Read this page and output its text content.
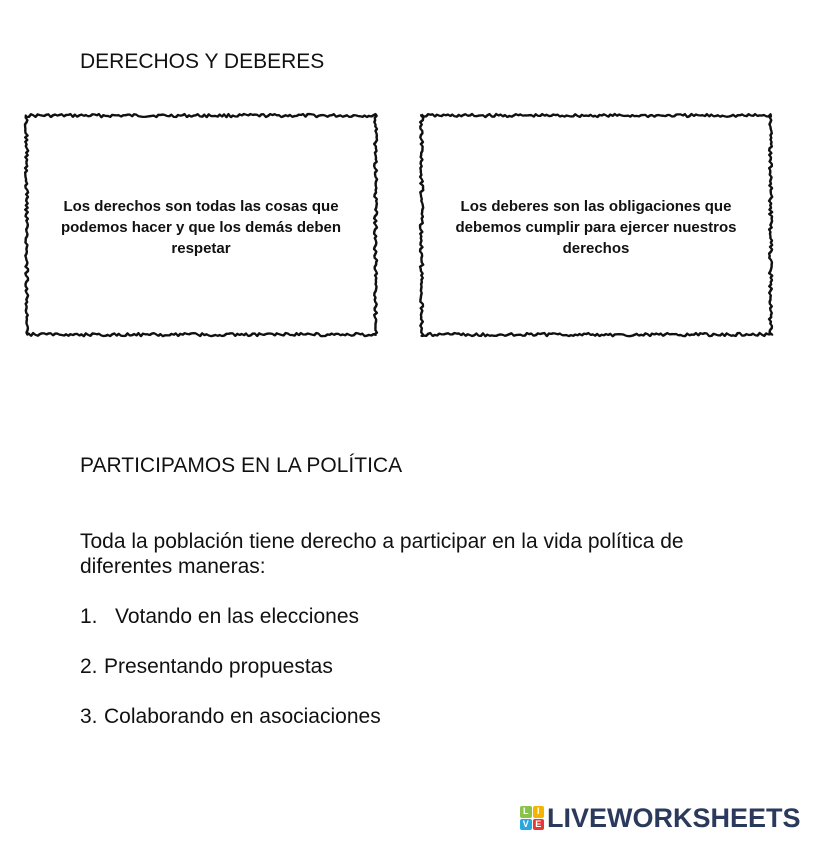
DERECHOS Y DEBERES
Los derechos son todas las cosas que podemos hacer y que los demás deben respetar
Los deberes son las obligaciones que debemos cumplir para ejercer nuestros derechos
PARTICIPAMOS EN LA POLÍTICA
Toda la población tiene derecho a participar en la vida política de diferentes maneras:
1. Votando en las elecciones
2. Presentando propuestas
3. Colaborando en asociaciones
L I
V E LIVEWORKSHEETS
